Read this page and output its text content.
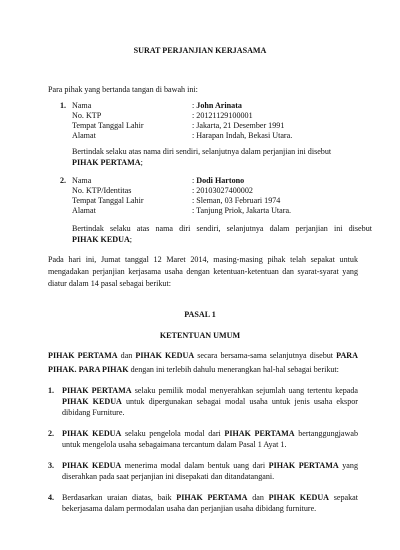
SURAT PERJANJIAN KERJASAMA
Para pihak yang bertanda tangan di bawah ini:
1. Nama	: John Arinata
No. KTP	: 20121129100001
Tempat Tanggal Lahir	: Jakarta, 21 Desember 1991
Alamat	: Harapan Indah, Bekasi Utara.
Bertindak selaku atas nama diri sendiri, selanjutnya dalam perjanjian ini disebut
PIHAK PERTAMA;
2. Nama	: Dodi Hartono
No. KTP/Identitas	: 20103027400002
Tempat Tanggal Lahir	: Sleman, 03 Februari 1974
Alamat	: Tanjung Priok, Jakarta Utara.
Bertindak selaku atas nama diri sendiri, selanjutnya dalam perjanjian ini disebut
PIHAK KEDUA;
Pada hari ini, Jumat tanggal 12 Maret 2014, masing-masing pihak telah sepakat untuk
mengadakan perjanjian kerjasama usaha dengan ketentuan-ketentuan dan syarat-syarat yang
diatur dalam 14 pasal sebagai berikut:
PASAL 1
KETENTUAN UMUM
PIHAK PERTAMA dan PIHAK KEDUA secara bersama-sama selanjutnya disebut PARA
PIHAK. PARA PIHAK dengan ini terlebih dahulu menerangkan hal-hal sebagai berikut:
1. PIHAK PERTAMA selaku pemilik modal menyerahkan sejumlah uang tertentu kepada
PIHAK KEDUA untuk dipergunakan sebagai modal usaha untuk jenis usaha ekspor
dibidang Furniture.
2. PIHAK KEDUA selaku pengelola modal dari PIHAK PERTAMA bertanggungjawab
untuk mengelola usaha sebagaimana tercantum dalam Pasal 1 Ayat 1.
3. PIHAK KEDUA menerima modal dalam bentuk uang dari PIHAK PERTAMA yang
diserahkan pada saat perjanjian ini disepakati dan ditandatangani.
4. Berdasarkan uraian diatas, baik PIHAK PERTAMA dan PIHAK KEDUA sepakat
bekerjasama dalam permodalan usaha dan perjanjian usaha dibidang furniture.
